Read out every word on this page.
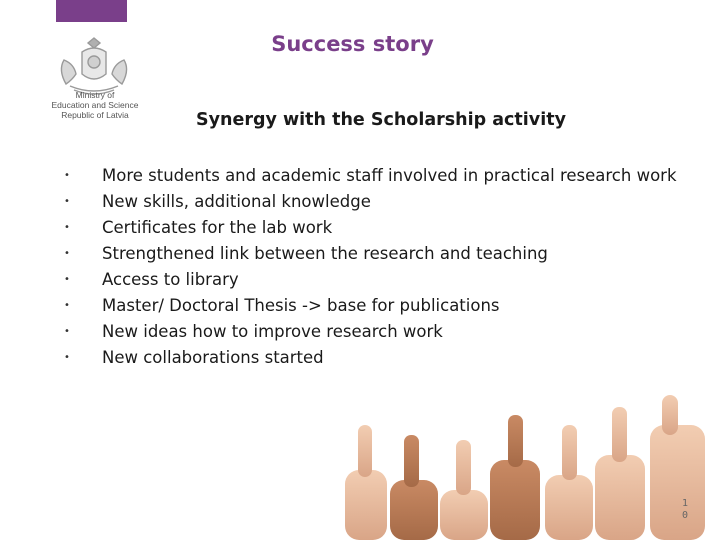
Ministry of
Education and Science
Republic of Latvia
Success story
Synergy with the Scholarship activity
• More students and academic staff involved in practical research work
• New skills, additional knowledge
• Certificates for the lab work
• Strengthened link between the research and teaching
• Access to library
• Master/ Doctoral Thesis -> base for publications
• New ideas how to improve research work
• New collaborations started
1
0
